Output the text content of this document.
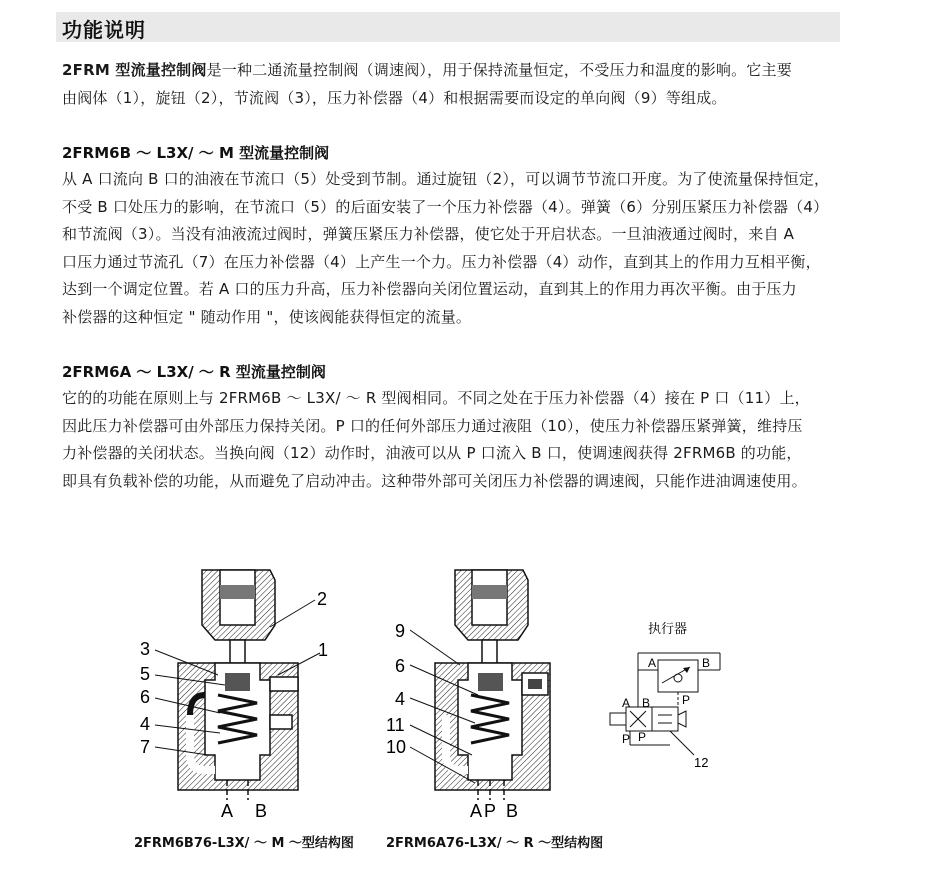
功能说明
2FRM 型流量控制阀是一种二通流量控制阀（调速阀），用于保持流量恒定，不受压力和温度的影响。它主要
由阀体（1），旋钮（2），节流阀（3），压力补偿器（4）和根据需要而设定的单向阀（9）等组成。
2FRM6B ～ L3X/ ～ M 型流量控制阀
从 A 口流向 B 口的油液在节流口（5）处受到节制。通过旋钮（2），可以调节节流口开度。为了使流量保持恒定，
不受 B 口处压力的影响，在节流口（5）的后面安装了一个压力补偿器（4）。弹簧（6）分别压紧压力补偿器（4）
和节流阀（3）。当没有油液流过阀时，弹簧压紧压力补偿器，使它处于开启状态。一旦油液通过阀时，来自 A
口压力通过节流孔（7）在压力补偿器（4）上产生一个力。压力补偿器（4）动作，直到其上的作用力互相平衡，
达到一个调定位置。若 A 口的压力升高，压力补偿器向关闭位置运动，直到其上的作用力再次平衡。由于压力
补偿器的这种恒定 " 随动作用 "，使该阀能获得恒定的流量。
2FRM6A ～ L3X/ ～ R 型流量控制阀
它的的功能在原则上与 2FRM6B ～ L3X/ ～ R 型阀相同。不同之处在于压力补偿器（4）接在 P 口（11）上，
因此压力补偿器可由外部压力保持关闭。P 口的任何外部压力通过液阻（10），使压力补偿器压紧弹簧，维持压
力补偿器的关闭状态。当换向阀（12）动作时，油液可以从 P 口流入 B 口，使调速阀获得 2FRM6B 的功能，
即具有负载补偿的功能，从而避免了启动冲击。这种带外部可关闭压力补偿器的调速阀，只能作进油调速使用。
2
1
3
5
6
4
7
A B
2FRM6B76-L3X/ ～ M ～型结构图
9
6
4
11
10
A P B
2FRM6A76-L3X/ ～ R ～型结构图
执行器
A	B
P
A B
P P
12
